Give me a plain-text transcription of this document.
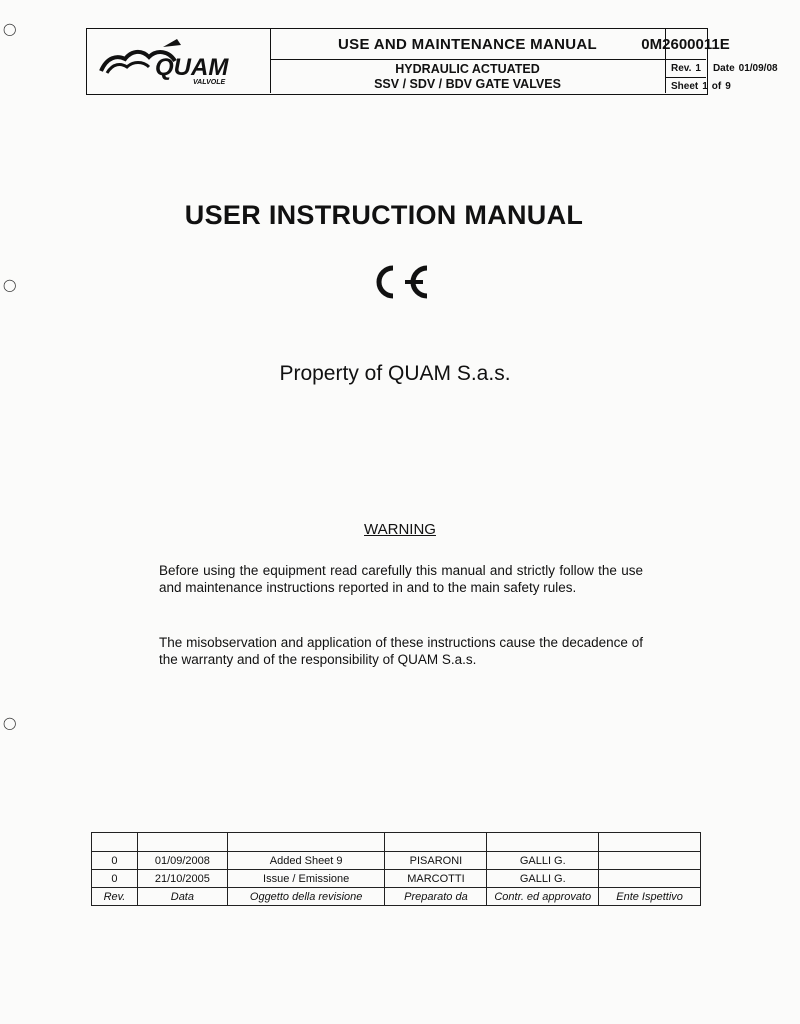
QUAM
VALVOLE
USE AND MAINTENANCE MANUAL
HYDRAULIC ACTUATED
SSV / SDV / BDV GATE VALVES
0M2600011E
Rev. 1 Date 01/09/08
Sheet 1 of 9
USER INSTRUCTION MANUAL
Property of QUAM S.a.s.
WARNING
Before using the equipment read carefully this manual and strictly follow the use and maintenance instructions reported in and to the main safety rules.
The misobservation and application of these instructions cause the decadence of the warranty and of the responsibility of QUAM S.a.s.

0	01/09/2008	Added Sheet 9	PISARONI	GALLI G.	
0	21/10/2005	Issue / Emissione	MARCOTTI	GALLI G.	
Rev.	Data	Oggetto della revisione	Preparato da	Contr. ed approvato	Ente Ispettivo
◯
◯
◯
